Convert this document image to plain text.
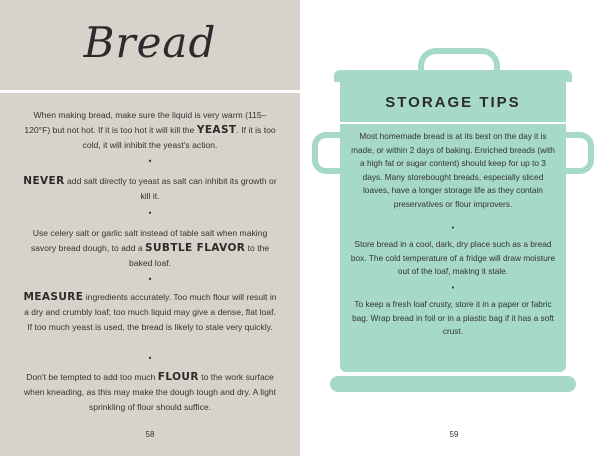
Bread
When making bread, make sure the liquid is very warm (115–120°F) but not hot. If it is too hot it will kill the YEAST. If it is too cold, it will inhibit the yeast's action.
•
NEVER add salt directly to yeast as salt can inhibit its growth or kill it.
•
Use celery salt or garlic salt instead of table salt when making savory bread dough, to add a SUBTLE FLAVOR to the baked loaf.
•
MEASURE ingredients accurately. Too much flour will result in a dry and crumbly loaf; too much liquid may give a dense, flat loaf. If too much yeast is used, the bread is likely to stale very quickly.
•
Don't be tempted to add too much FLOUR to the work surface when kneading, as this may make the dough tough and dry. A light sprinkling of flour should suffice.
58
STORAGE TIPS
Most homemade bread is at its best on the day it is made, or within 2 days of baking. Enriched breads (with a high fat or sugar content) should keep for up to 3 days. Many storebought breads, especially sliced loaves, have a longer storage life as they contain preservatives or flour improvers.
•
Store bread in a cool, dark, dry place such as a bread box. The cold temperature of a fridge will draw moisture out of the loaf, making it stale.
•
To keep a fresh loaf crusty, store it in a paper or fabric bag. Wrap bread in foil or in a plastic bag if it has a soft crust.
59
